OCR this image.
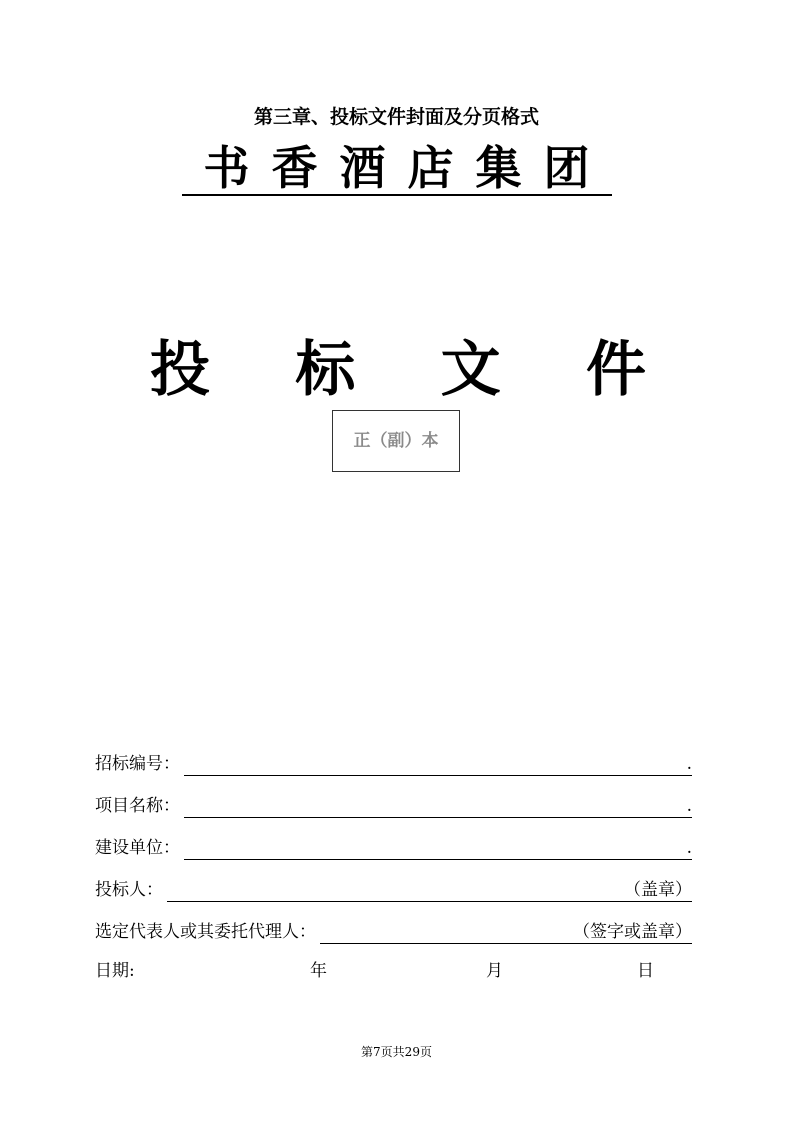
第三章、投标文件封面及分页格式
书香酒店集团
投 标 文 件
正（副）本
招标编号：	.
项目名称：	.
建设单位：	.
投标人：	（盖章）
选定代表人或其委托代理人：	（签字或盖章）
日期:	年	月	日
第7页共29页
